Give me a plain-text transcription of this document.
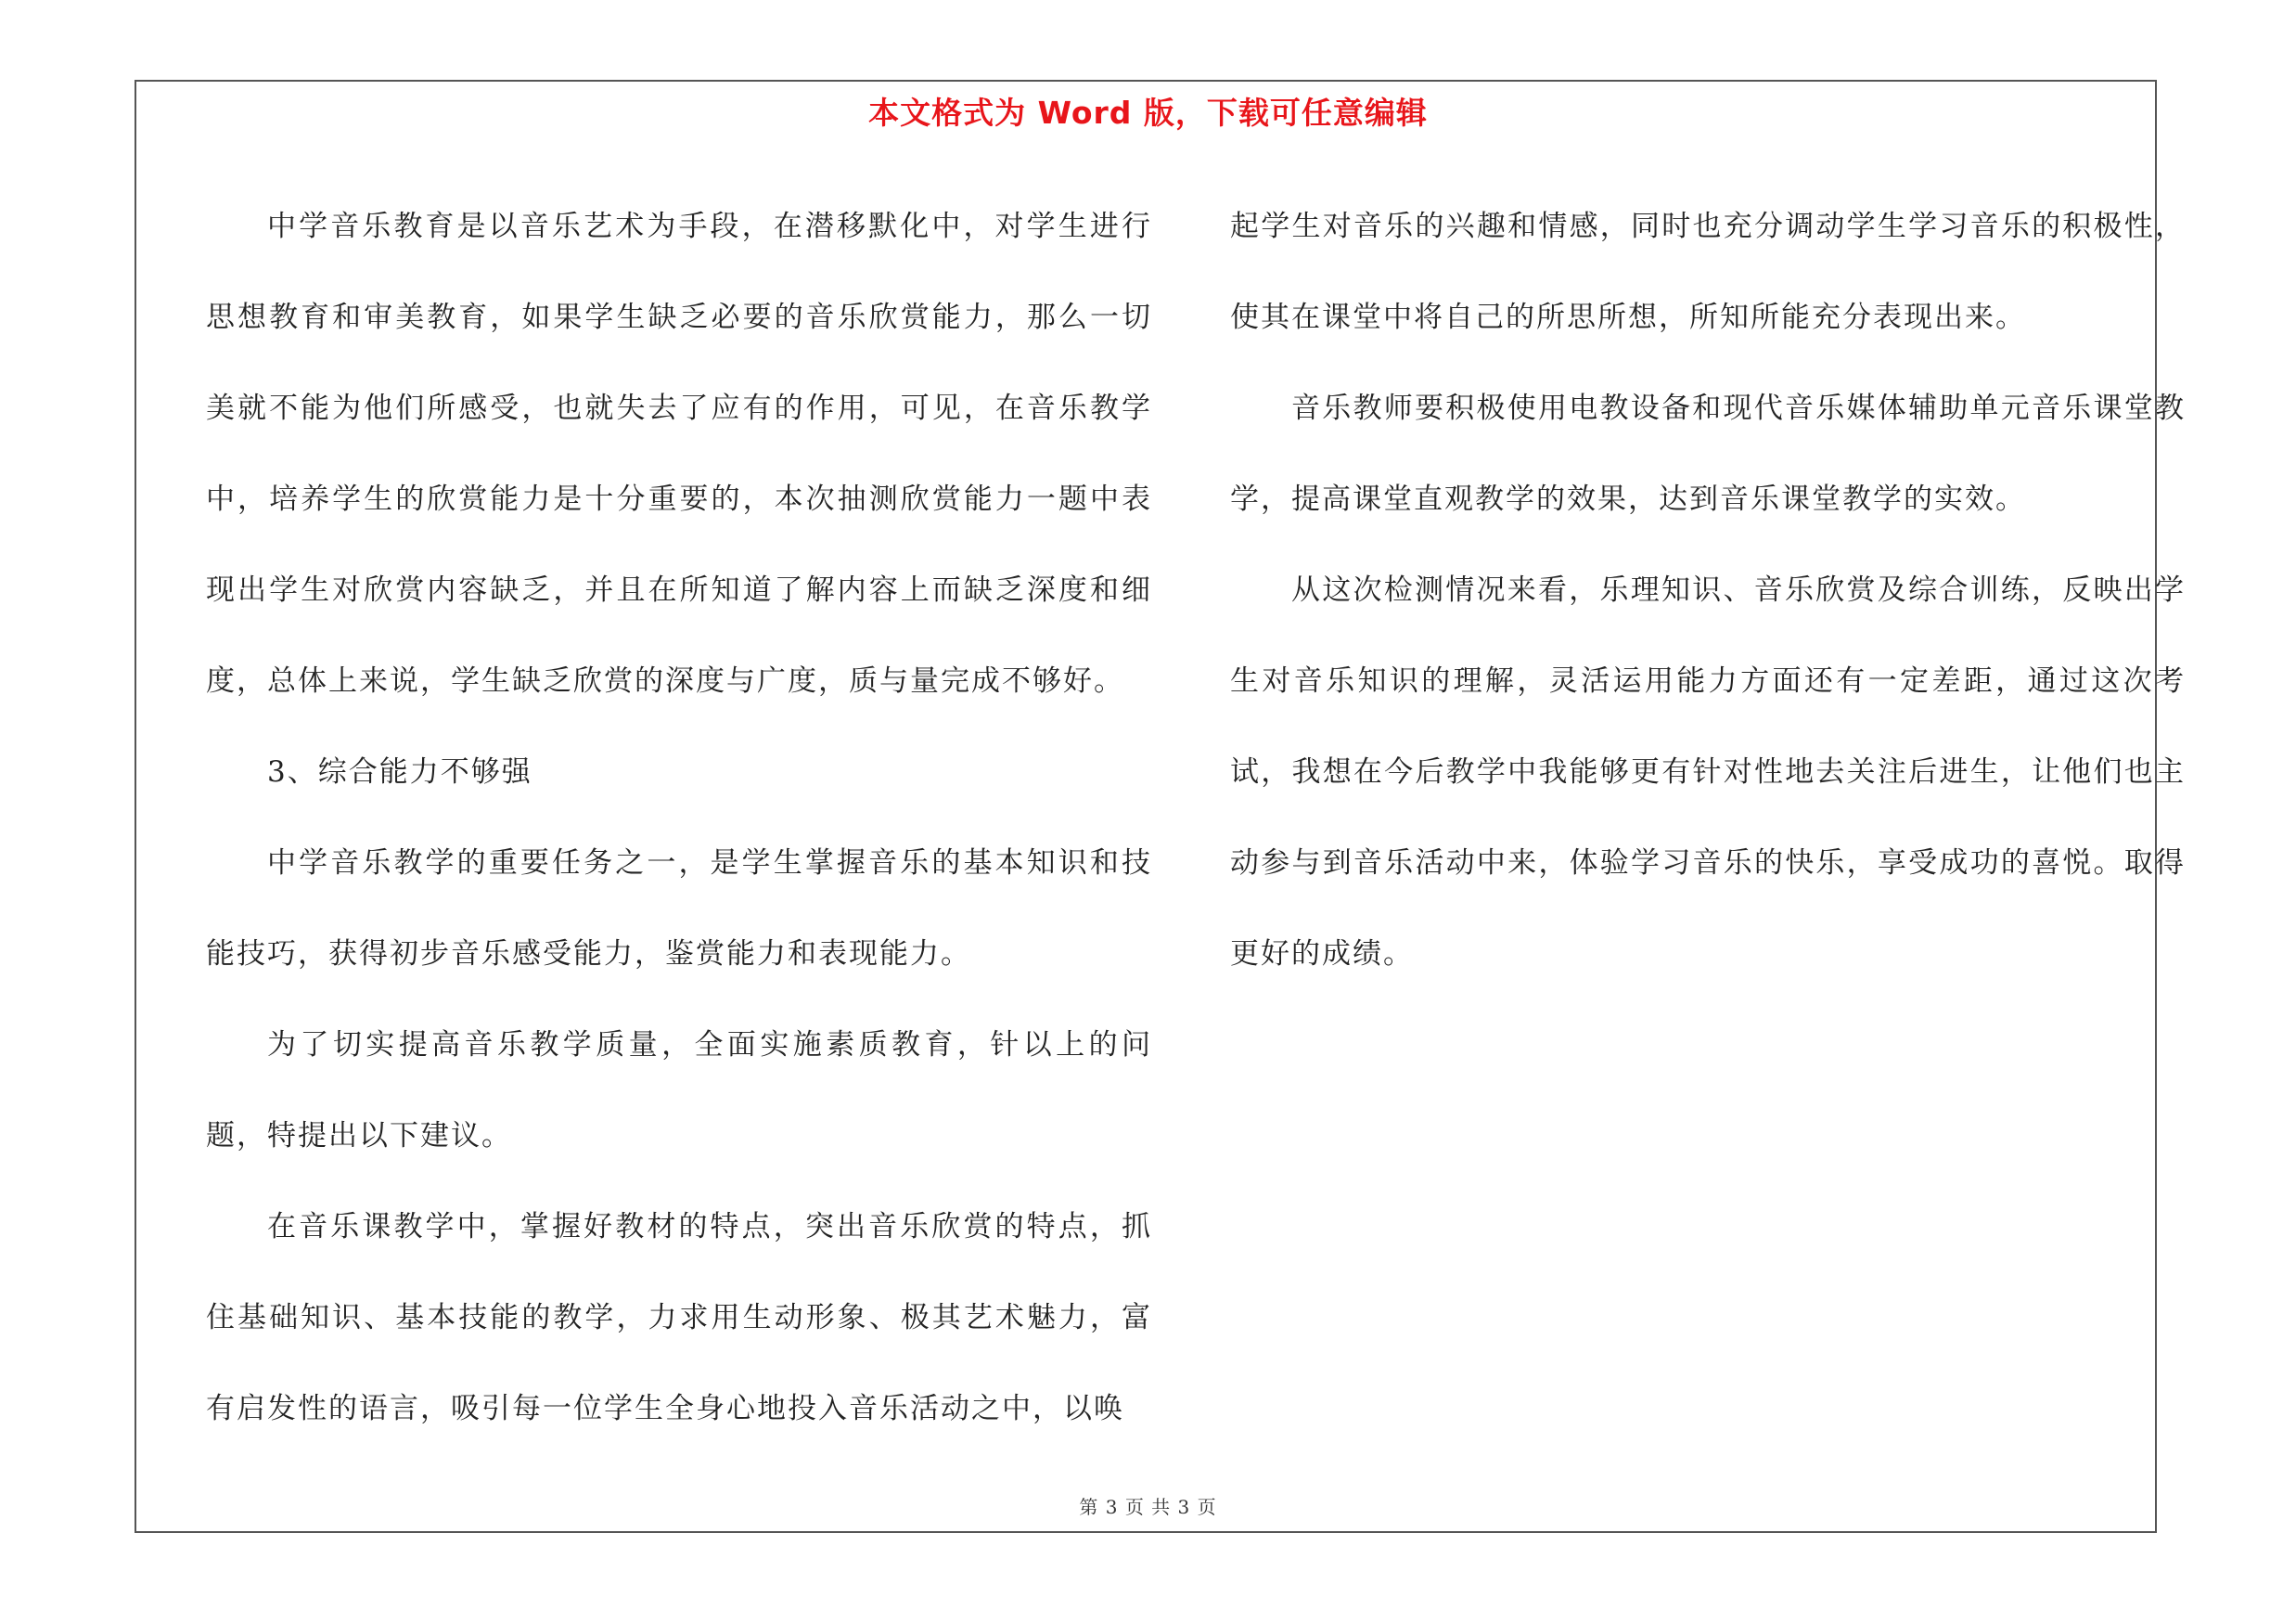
本文格式为 Word 版，下载可任意编辑

中学音乐教育是以音乐艺术为手段，在潜移默化中，对学生进行思想教育和审美教育，如果学生缺乏必要的音乐欣赏能力，那么一切美就不能为他们所感受，也就失去了应有的作用，可见，在音乐教学中，培养学生的欣赏能力是十分重要的，本次抽测欣赏能力一题中表现出学生对欣赏内容缺乏，并且在所知道了解内容上而缺乏深度和细度，总体上来说，学生缺乏欣赏的深度与广度，质与量完成不够好。

3、综合能力不够强

中学音乐教学的重要任务之一，是学生掌握音乐的基本知识和技能技巧，获得初步音乐感受能力，鉴赏能力和表现能力。

为了切实提高音乐教学质量，全面实施素质教育，针以上的问题，特提出以下建议。

在音乐课教学中，掌握好教材的特点，突出音乐欣赏的特点，抓住基础知识、基本技能的教学，力求用生动形象、极其艺术魅力，富有启发性的语言，吸引每一位学生全身心地投入音乐活动之中，以唤

起学生对音乐的兴趣和情感，同时也充分调动学生学习音乐的积极性，使其在课堂中将自己的所思所想，所知所能充分表现出来。

音乐教师要积极使用电教设备和现代音乐媒体辅助单元音乐课堂教学，提高课堂直观教学的效果，达到音乐课堂教学的实效。

从这次检测情况来看，乐理知识、音乐欣赏及综合训练，反映出学生对音乐知识的理解，灵活运用能力方面还有一定差距，通过这次考试，我想在今后教学中我能够更有针对性地去关注后进生，让他们也主动参与到音乐活动中来，体验学习音乐的快乐，享受成功的喜悦。取得更好的成绩。

第 3 页 共 3 页
